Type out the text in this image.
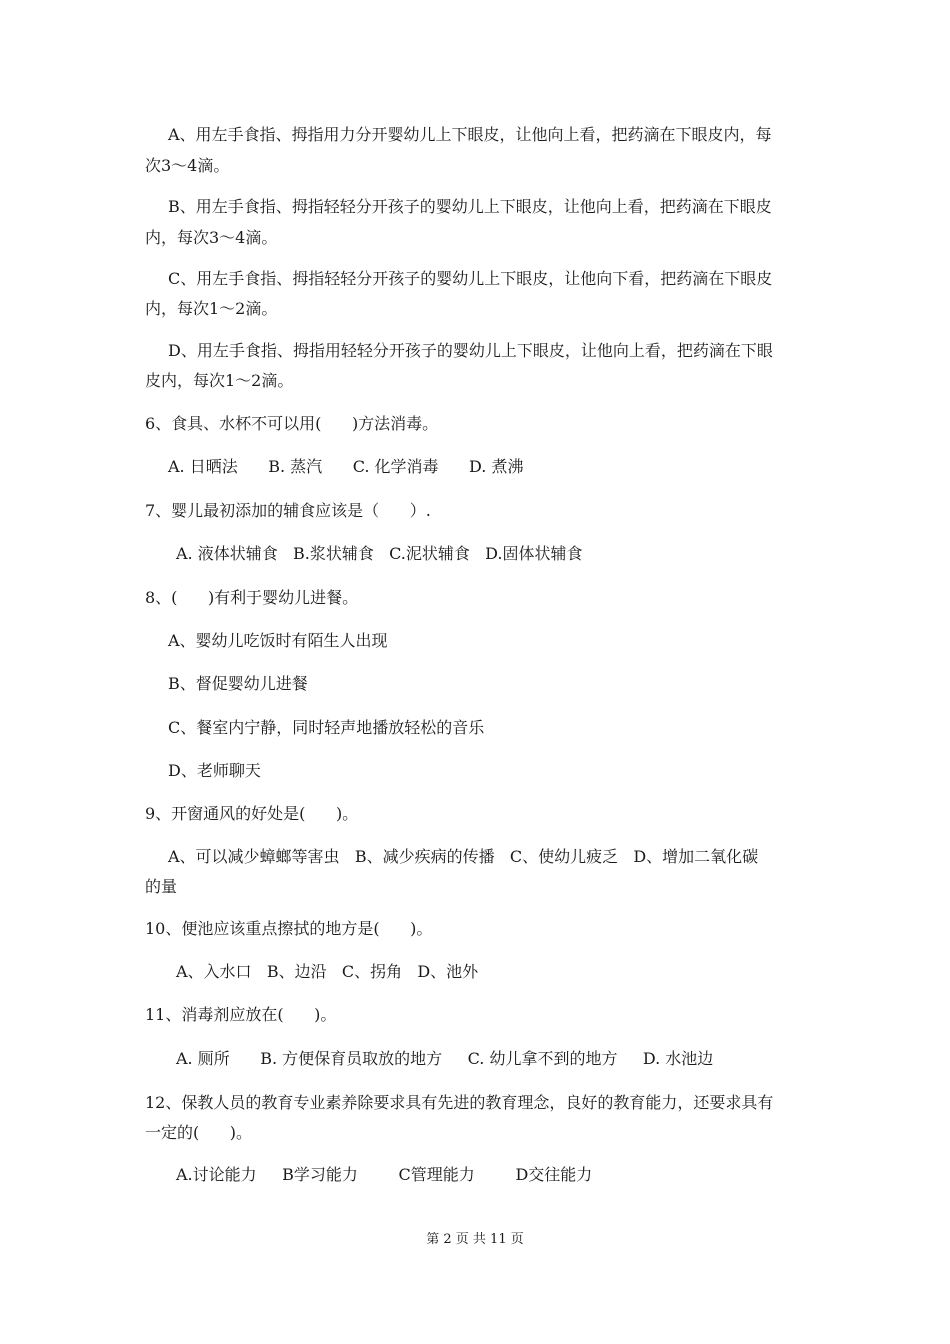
A、用左手食指、拇指用力分开婴幼儿上下眼皮，让他向上看，把药滴在下眼皮内，每
次3～4滴。
B、用左手食指、拇指轻轻分开孩子的婴幼儿上下眼皮，让他向上看，把药滴在下眼皮
内，每次3～4滴。
C、用左手食指、拇指轻轻分开孩子的婴幼儿上下眼皮，让他向下看，把药滴在下眼皮
内，每次1～2滴。
D、用左手食指、拇指用轻轻分开孩子的婴幼儿上下眼皮，让他向上看，把药滴在下眼
皮内，每次1～2滴。
6、食具、水杯不可以用(      )方法消毒。
A. 日晒法      B. 蒸汽      C. 化学消毒      D. 煮沸
7、婴儿最初添加的辅食应该是（      ）.
A. 液体状辅食   B.浆状辅食   C.泥状辅食   D.固体状辅食
8、(      )有利于婴幼儿进餐。
A、婴幼儿吃饭时有陌生人出现
B、督促婴幼儿进餐
C、餐室内宁静，同时轻声地播放轻松的音乐
D、老师聊天
9、开窗通风的好处是(      )。
A、可以减少蟑螂等害虫   B、减少疾病的传播   C、使幼儿疲乏   D、增加二氧化碳
的量
10、便池应该重点擦拭的地方是(      )。
A、入水口   B、边沿   C、拐角   D、池外
11、消毒剂应放在(      )。
A. 厕所      B. 方便保育员取放的地方     C. 幼儿拿不到的地方     D. 水池边
12、保教人员的教育专业素养除要求具有先进的教育理念，良好的教育能力，还要求具有
一定的(      )。
A.讨论能力     B学习能力        C管理能力        D交往能力
第 2 页 共 11 页
